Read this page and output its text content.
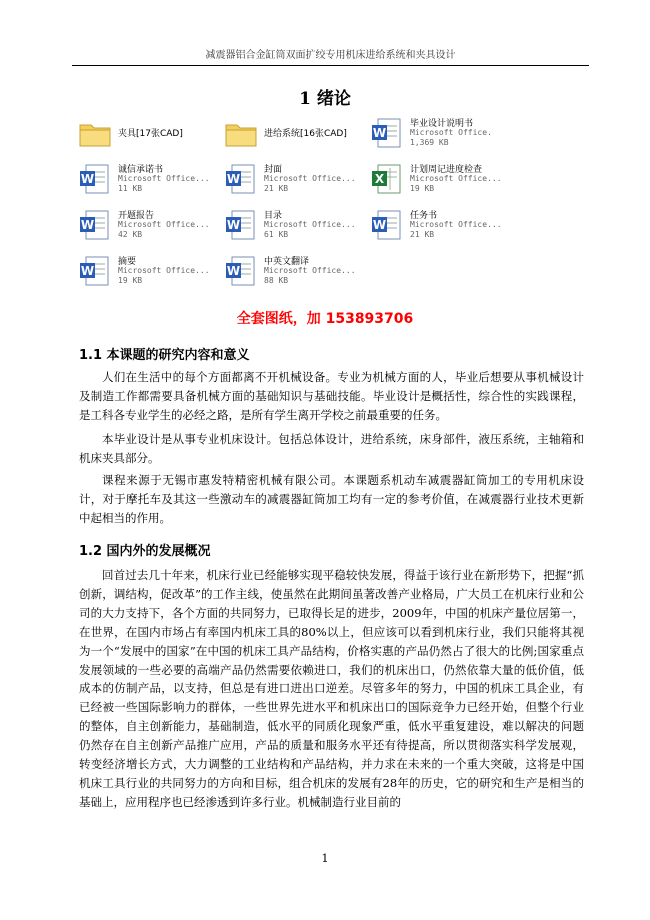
减震器铝合金缸筒双面扩绞专用机床进给系统和夹具设计
1 绪论
夹具[17张CAD]	进给系统[16张CAD] W
毕业设计说明书
Microsoft Office.
1,369 KB
W
诚信承诺书
Microsoft Office...
11 KB
W
封面
Microsoft Office...
21 KB
X
计划周记进度检查
Microsoft Office...
19 KB
W
开题报告
Microsoft Office...
42 KB
W
目录
Microsoft Office...
61 KB
W
任务书
Microsoft Office...
21 KB
W
摘要
Microsoft Office...
19 KB
W
中英文翻译
Microsoft Office...
88 KB
全套图纸，加 153893706
1.1 本课题的研究内容和意义
人们在生活中的每个方面都离不开机械设备。专业为机械方面的人，毕业后想要从事机械设计及制造工作都需要具备机械方面的基础知识与基础技能。毕业设计是概括性，综合性的实践课程，是工科各专业学生的必经之路，是所有学生离开学校之前最重要的任务。
本毕业设计是从事专业机床设计。包括总体设计，进给系统，床身部件，液压系统，主轴箱和机床夹具部分。
课程来源于无锡市惠发特精密机械有限公司。本课题系机动车减震器缸筒加工的专用机床设计，对于摩托车及其这一些激动车的减震器缸筒加工均有一定的参考价值，在减震器行业技术更新中起相当的作用。
1.2 国内外的发展概况
回首过去几十年来，机床行业已经能够实现平稳较快发展，得益于该行业在新形势下，把握“抓创新，调结构，促改革”的工作主线，使虽然在此期间虽著改善产业格局，广大员工在机床行业和公司的大力支持下，各个方面的共同努力，已取得长足的进步，2009年，中国的机床产量位居第一，在世界，在国内市场占有率国内机床工具的80%以上，但应该可以看到机床行业，我们只能将其视为一个“发展中的国家”在中国的机床工具产品结构，价格实惠的产品仍然占了很大的比例;国家重点发展领域的一些必要的高端产品仍然需要依赖进口，我们的机床出口，仍然依靠大量的低价值，低成本的仿制产品，以支持，但总是有进口进出口逆差。尽管多年的努力，中国的机床工具企业，有已经被一些国际影响力的群体，一些世界先进水平和机床出口的国际竞争力已经开始，但整个行业的整体，自主创新能力，基础制造，低水平的同质化现象严重，低水平重复建设，难以解决的问题仍然存在自主创新产品推广应用，产品的质量和服务水平还有待提高，所以贯彻落实科学发展观，转变经济增长方式，大力调整的工业结构和产品结构，并力求在未来的一个重大突破，这将是中国机床工具行业的共同努力的方向和目标，组合机床的发展有28年的历史，它的研究和生产是相当的基础上，应用程序也已经渗透到许多行业。机械制造行业目前的
1
